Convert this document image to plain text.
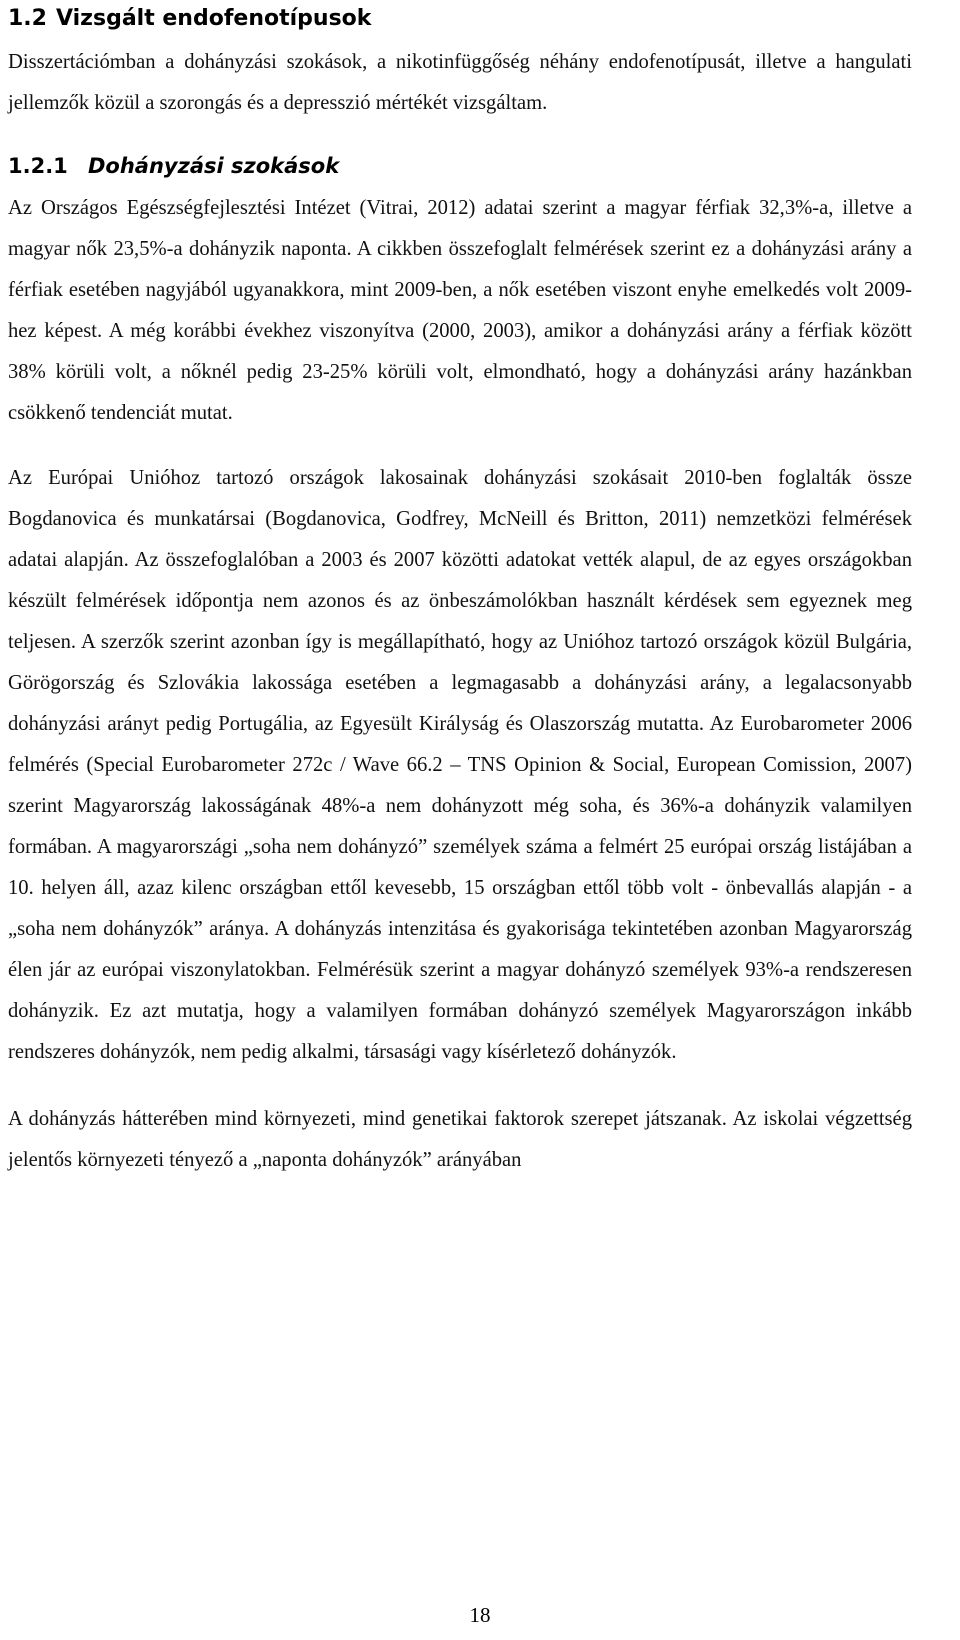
1.2 Vizsgált endofenotípusok

Disszertációmban a dohányzási szokások, a nikotinfüggőség néhány endofenotípusát, illetve a hangulati jellemzők közül a szorongás és a depresszió mértékét vizsgáltam.

1.2.1 Dohányzási szokások

Az Országos Egészségfejlesztési Intézet (Vitrai, 2012) adatai szerint a magyar férfiak 32,3%-a, illetve a magyar nők 23,5%-a dohányzik naponta. A cikkben összefoglalt felmérések szerint ez a dohányzási arány a férfiak esetében nagyjából ugyanakkora, mint 2009-ben, a nők esetében viszont enyhe emelkedés volt 2009-hez képest. A még korábbi évekhez viszonyítva (2000, 2003), amikor a dohányzási arány a férfiak között 38% körüli volt, a nőknél pedig 23-25% körüli volt, elmondható, hogy a dohányzási arány hazánkban csökkenő tendenciát mutat.

Az Európai Unióhoz tartozó országok lakosainak dohányzási szokásait 2010-ben foglalták össze Bogdanovica és munkatársai (Bogdanovica, Godfrey, McNeill és Britton, 2011) nemzetközi felmérések adatai alapján. Az összefoglalóban a 2003 és 2007 közötti adatokat vették alapul, de az egyes országokban készült felmérések időpontja nem azonos és az önbeszámolókban használt kérdések sem egyeznek meg teljesen. A szerzők szerint azonban így is megállapítható, hogy az Unióhoz tartozó országok közül Bulgária, Görögország és Szlovákia lakossága esetében a legmagasabb a dohányzási arány, a legalacsonyabb dohányzási arányt pedig Portugália, az Egyesült Királyság és Olaszország mutatta. Az Eurobarometer 2006 felmérés (Special Eurobarometer 272c / Wave 66.2 – TNS Opinion & Social, European Comission, 2007) szerint Magyarország lakosságának 48%-a nem dohányzott még soha, és 36%-a dohányzik valamilyen formában. A magyarországi „soha nem dohányzó” személyek száma a felmért 25 európai ország listájában a 10. helyen áll, azaz kilenc országban ettől kevesebb, 15 országban ettől több volt - önbevallás alapján - a „soha nem dohányzók” aránya. A dohányzás intenzitása és gyakorisága tekintetében azonban Magyarország élen jár az európai viszonylatokban. Felmérésük szerint a magyar dohányzó személyek 93%-a rendszeresen dohányzik. Ez azt mutatja, hogy a valamilyen formában dohányzó személyek Magyarországon inkább rendszeres dohányzók, nem pedig alkalmi, társasági vagy kísérletező dohányzók.

A dohányzás hátterében mind környezeti, mind genetikai faktorok szerepet játszanak. Az iskolai végzettség jelentős környezeti tényező a „naponta dohányzók” arányában

18
